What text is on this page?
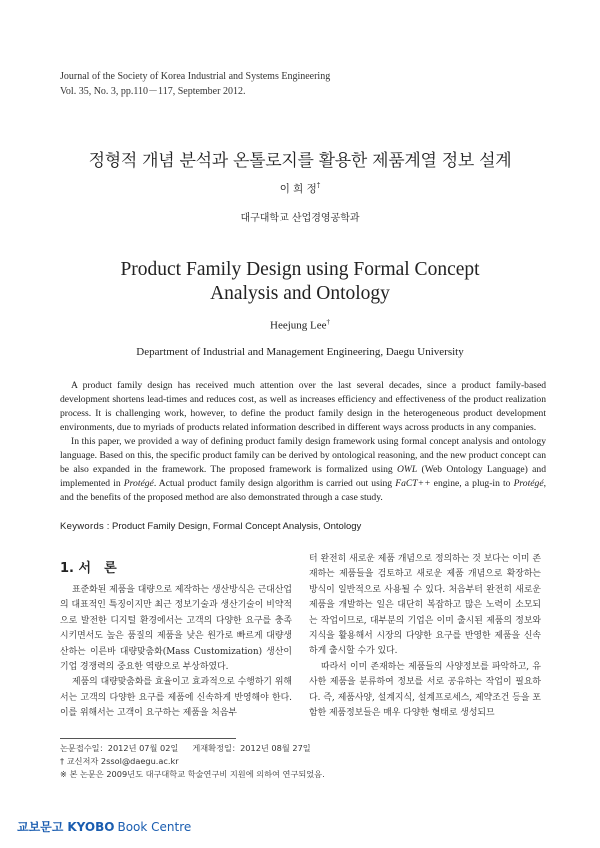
Journal of the Society of Korea Industrial and Systems Engineering
Vol. 35, No. 3, pp.110－117, September 2012.
정형적 개념 분석과 온톨로지를 활용한 제품계열 정보 설계
이 희 정†
대구대학교 산업경영공학과
Product Family Design using Formal Concept
Analysis and Ontology
Heejung Lee†
Department of Industrial and Management Engineering, Daegu University

A product family design has received much attention over the last several decades, since a product family-based development shortens lead-times and reduces cost, as well as increases efficiency and effectiveness of the product realization process. It is challenging work, however, to define the product family design in the heterogeneous product development environments, due to myriads of products related information described in different ways across products in any companies.

In this paper, we provided a way of defining product family design framework using formal concept analysis and ontology language. Based on this, the specific product family can be derived by ontological reasoning, and the new product concept can be also expanded in the framework. The proposed framework is formalized using OWL (Web Ontology Language) and implemented in Protégé. Actual product family design algorithm is carried out using FaCT++ engine, a plug-in to Protégé, and the benefits of the proposed method are also demonstrated through a case study.

Keywords : Product Family Design, Formal Concept Analysis, Ontology
1. 서　론

표준화된 제품을 대량으로 제작하는 생산방식은 근대산업의 대표적인 특징이지만 최근 정보기술과 생산기술이 비약적으로 발전한 디지털 환경에서는 고객의 다양한 요구를 충족시키면서도 높은 품질의 제품을 낮은 원가로 빠르게 대량생산하는 이른바 대량맞춤화(Mass Customization) 생산이 기업 경쟁력의 중요한 역량으로 부상하였다.

제품의 대량맞춤화를 효율이고 효과적으로 수행하기 위해서는 고객의 다양한 요구를 제품에 신속하게 반영해야 한다. 이를 위해서는 고객이 요구하는 제품을 처음부

터 완전히 새로운 제품 개념으로 정의하는 것 보다는 이미 존재하는 제품들을 검토하고 새로운 제품 개념으로 확장하는 방식이 일반적으로 사용될 수 있다. 처음부터 완전히 새로운 제품을 개발하는 일은 대단히 복잡하고 많은 노력이 소모되는 작업이므로, 대부분의 기업은 이미 출시된 제품의 정보와 지식을 활용해서 시장의 다양한 요구를 반영한 제품을 신속하게 출시할 수가 있다.

따라서 이미 존재하는 제품들의 사양정보를 파악하고, 유사한 제품을 분류하여 정보를 서로 공유하는 작업이 필요하다. 즉, 제품사양, 설계지식, 설계프로세스, 제약조건 등을 포함한 제품정보들은 매우 다양한 형태로 생성되므

논문접수일：2012년 07월 02일 게재확정일：2012년 08월 27일
† 교신저자 2ssol@daegu.ac.kr
※ 본 논문은 2009년도 대구대학교 학술연구비 지원에 의하여 연구되었음.
교보문고 KYOBO Book Centre
